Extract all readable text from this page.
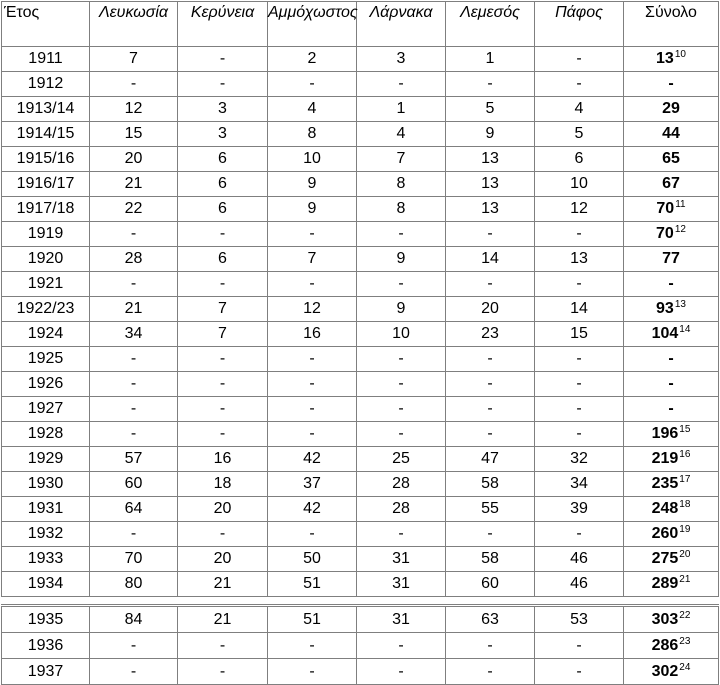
Έτος	Λευκωσία	Κερύνεια	Αμμόχωστος	Λάρνακα	Λεμεσός	Πάφος	Σύνολο
1911	7	-	2	3	1	-	$13^{10}$
1912	-	-	-	-	-	-	-
1913/14	12	3	4	1	5	4	29
1914/15	15	3	8	4	9	5	44
1915/16	20	6	10	7	13	6	65
1916/17	21	6	9	8	13	10	67
1917/18	22	6	9	8	13	12	$70^{11}$
1919	-	-	-	-	-	-	$70^{12}$
1920	28	6	7	9	14	13	77
1921	-	-	-	-	-	-	-
1922/23	21	7	12	9	20	14	$93^{13}$
1924	34	7	16	10	23	15	$104^{14}$
1925	-	-	-	-	-	-	-
1926	-	-	-	-	-	-	-
1927	-	-	-	-	-	-	-
1928	-	-	-	-	-	-	$196^{15}$
1929	57	16	42	25	47	32	$219^{16}$
1930	60	18	37	28	58	34	$235^{17}$
1931	64	20	42	28	55	39	$248^{18}$
1932	-	-	-	-	-	-	$260^{19}$
1933	70	20	50	31	58	46	$275^{20}$
1934	80	21	51	31	60	46	$289^{21}$
1935	84	21	51	31	63	53	$303^{22}$
1936	-	-	-	-	-	-	$286^{23}$
1937	-	-	-	-	-	-	$302^{24}$
